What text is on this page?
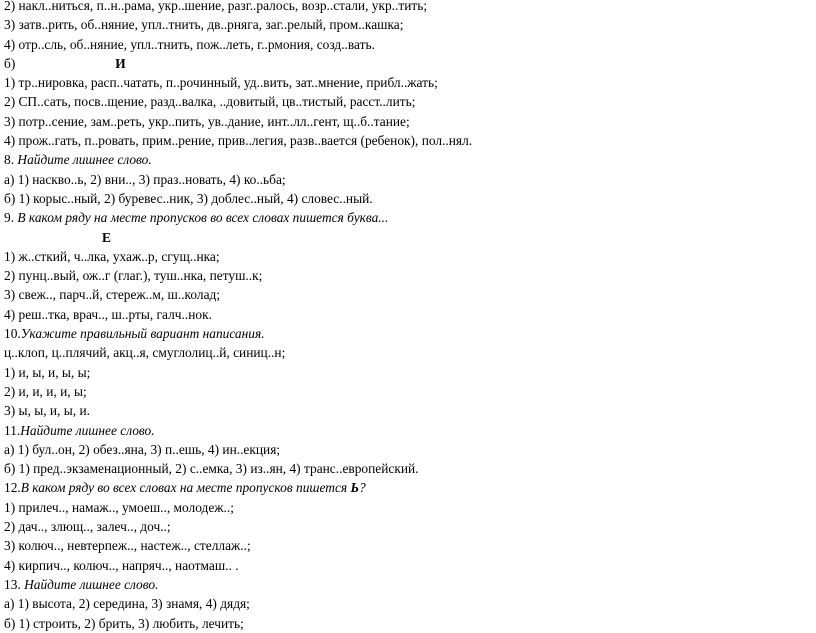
2) накл..ниться, п..н..рама, укр..шение, разг..ралось, возр..стали, укр..тить;
3) затв..рить, об..няние, упл..тнить, дв..рняга, заг..релый, пром..кашка;
4) отр..сль, об..няние, упл..тнить, пож..леть, г..рмония, созд..вать.
б)	И
1) тр..нировка, расп..чатать, п..рочинный, уд..вить, зат..мнение, прибл..жать;
2) СП..сать, посв..щение, разд..валка, ..довитый, цв..тистый, расст..лить;
3) потр..сение, зам..реть, укр..пить, ув..дание, инт..лл..гент, щ..б..тание;
4) прож..гать, п..ровать, прим..рение, прив..легия, разв..вается (ребенок), пол..нял.
8. Найдите лишнее слово.
а) 1) наскво..ь, 2) вни.., 3) праз..новать, 4) ко..ьба;
б) 1) корыс..ный, 2) буревес..ник, 3) доблес..ный, 4) словес..ный.
9. В каком ряду на месте пропусков во всех словах пишется буква...
Е
1) ж..сткий, ч..лка, ухаж..р, сгущ..нка;
2) пунц..вый, ож..г (глаг.), туш..нка, петуш..к;
3) свеж.., парч..й, стереж..м, ш..колад;
4) реш..тка, врач.., ш..рты, галч..нок.
10.Укажите правильный вариант написания.
ц..клоп, ц..плячий, акц..я, смуглолиц..й, синиц..н;
1) и, ы, и, ы, ы;
2) и, и, и, и, ы;
3) ы, ы, и, ы, и.
11.Найдите лишнее слово.
а) 1) бул..он, 2) обез..яна, 3) п..ешь, 4) ин..екция;
б) 1) пред..экзаменационный, 2) с..емка, 3) из..ян, 4) транс..европейский.
12.В каком ряду во всех словах на месте пропусков пишется Ь?
1) прилеч.., намаж.., умоеш.., молодеж..;
2) дач.., злющ.., залеч.., доч..;
3) колюч.., невтерпеж.., настеж.., стеллаж..;
4) кирпич.., колюч.., напряч.., наотмаш.. .
13. Найдите лишнее слово.
а) 1) высота, 2) середина, 3) знамя, 4) дядя;
б) 1) строить, 2) брить, 3) любить, лечить;
